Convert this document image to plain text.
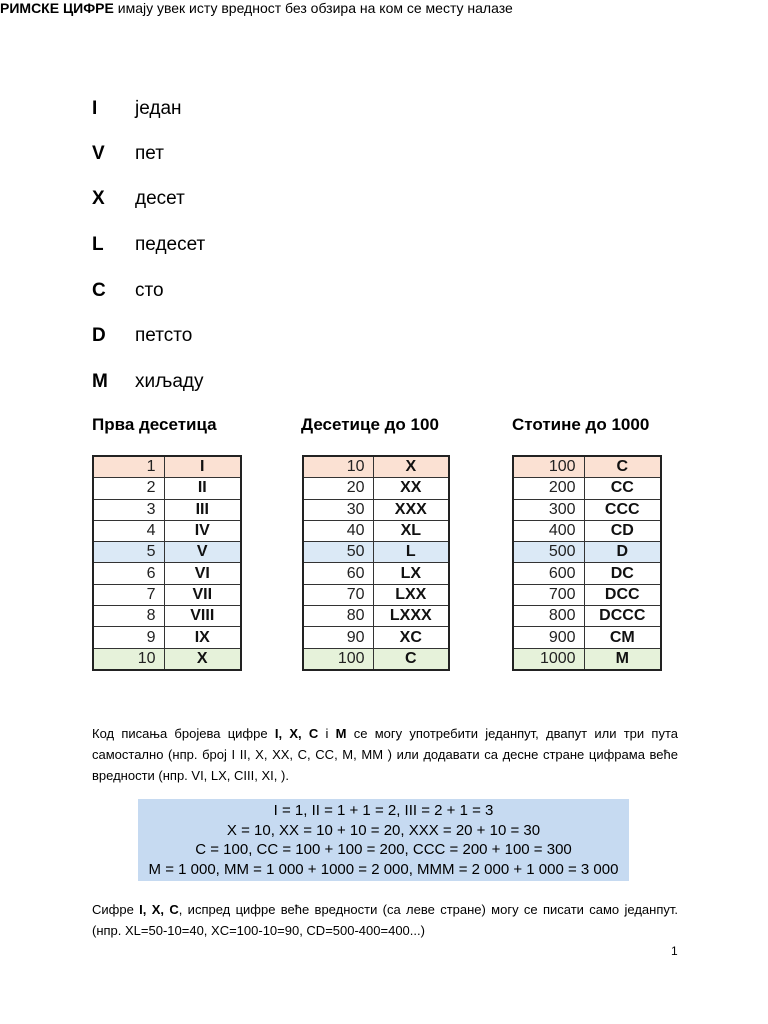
РИМСКЕ ЦИФРЕ имају увек исту вредност без обзира на ком се месту налазе
I један
V пет
X десет
L педесет
C сто
D петсто
M хиљаду
Прва десетица	Десетице до 100	Стотине до 1000
1	I
2	II
3	III
4	IV
5	V
6	VI
7	VII
8	VIII
9	IX
10	X
10	X
20	XX
30	XXX
40	XL
50	L
60	LX
70	LXX
80	LXXX
90	XC
100	C
100	C
200	CC
300	CCC
400	CD
500	D
600	DC
700	DCC
800	DCCC
900	CM
1000	M
Код писања бројева цифре I, X, C i M се могу употребити једанпут, двапут или три пута самостално (нпр. број I II, X, XX, C, CC, M, MM ) или додавати са десне стране цифрама веће вредности (нпр. VI, LX, CIII, XI, ).
I = 1, II = 1 + 1 = 2, III = 2 + 1 = 3
X = 10, XX = 10 + 10 = 20, XXX = 20 + 10 = 30
C = 100, CC = 100 + 100 = 200, CCC = 200 + 100 = 300
M = 1 000, MM = 1 000 + 1000 = 2 000, MMM = 2 000 + 1 000 = 3 000
Сифре I, X, C, испред цифре веће вредности (са леве стране) могу се писати само једанпут. (нпр. XL=50-10=40, XC=100-10=90, CD=500-400=400...)
1
